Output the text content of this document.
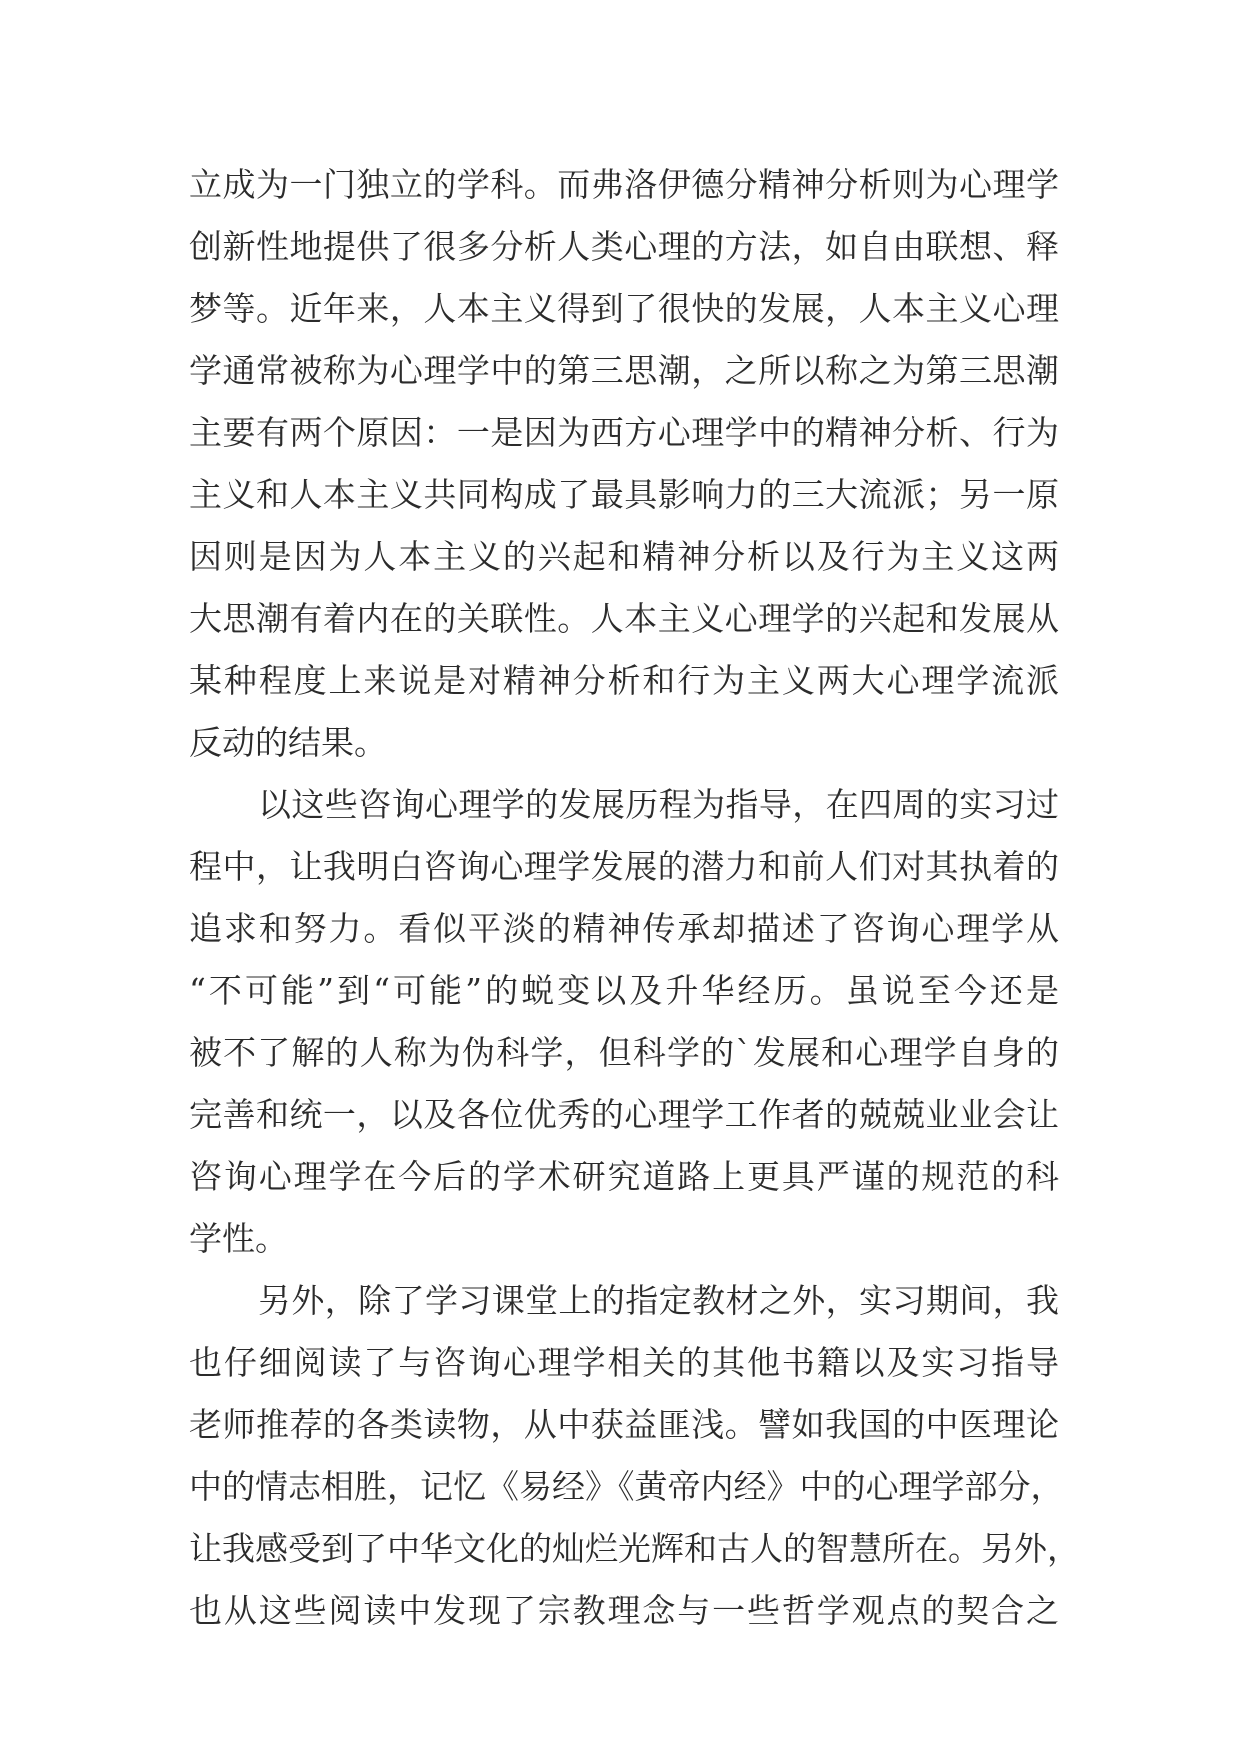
立成为一门独立的学科。而弗洛伊德分精神分析则为心理学
创新性地提供了很多分析人类心理的方法，如自由联想、释
梦等。近年来，人本主义得到了很快的发展，人本主义心理
学通常被称为心理学中的第三思潮，之所以称之为第三思潮
主要有两个原因：一是因为西方心理学中的精神分析、行为
主义和人本主义共同构成了最具影响力的三大流派；另一原
因则是因为人本主义的兴起和精神分析以及行为主义这两
大思潮有着内在的关联性。人本主义心理学的兴起和发展从
某种程度上来说是对精神分析和行为主义两大心理学流派
反动的结果。
以这些咨询心理学的发展历程为指导，在四周的实习过
程中，让我明白咨询心理学发展的潜力和前人们对其执着的
追求和努力。看似平淡的精神传承却描述了咨询心理学从
“不可能”到“可能”的蜕变以及升华经历。虽说至今还是
被不了解的人称为伪科学，但科学的`发展和心理学自身的
完善和统一，以及各位优秀的心理学工作者的兢兢业业会让
咨询心理学在今后的学术研究道路上更具严谨的规范的科
学性。
另外，除了学习课堂上的指定教材之外，实习期间，我
也仔细阅读了与咨询心理学相关的其他书籍以及实习指导
老师推荐的各类读物，从中获益匪浅。譬如我国的中医理论
中的情志相胜，记忆《易经》《黄帝内经》中的心理学部分，
让我感受到了中华文化的灿烂光辉和古人的智慧所在。另外，
也从这些阅读中发现了宗教理念与一些哲学观点的契合之
